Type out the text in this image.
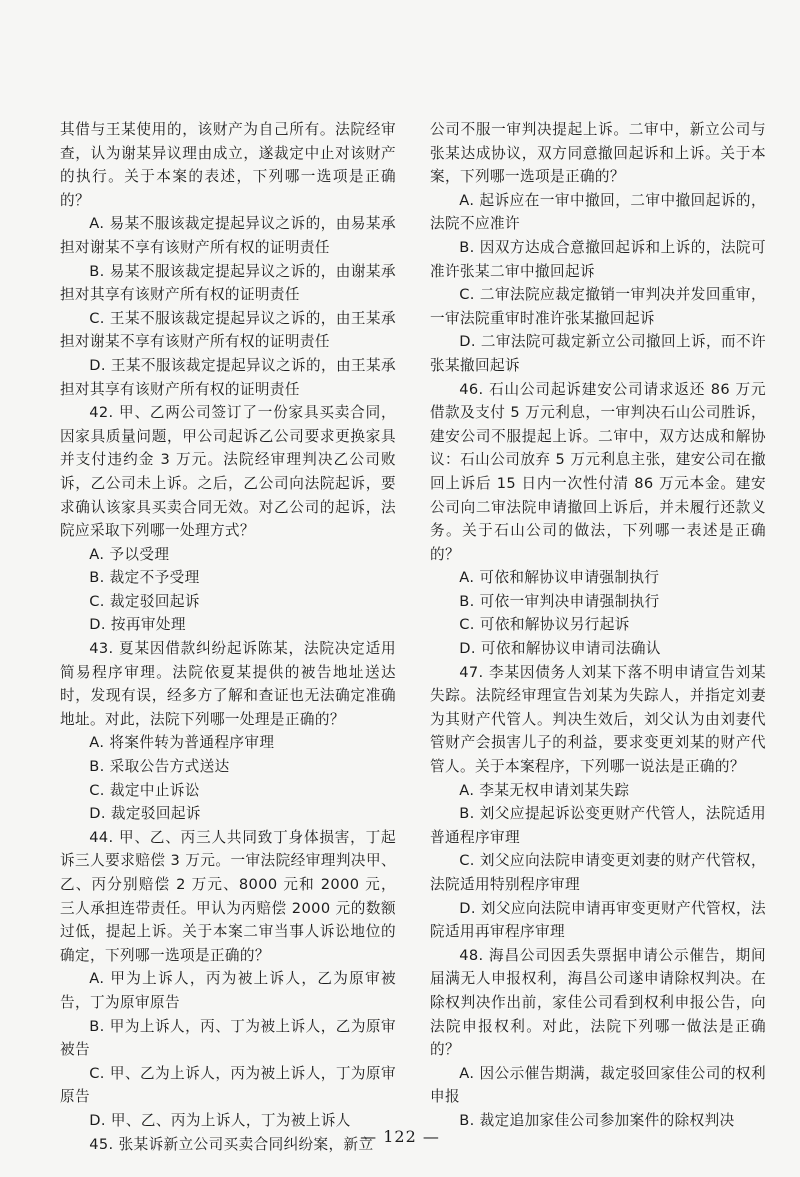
其借与王某使用的，该财产为自己所有。法院经审查，认为谢某异议理由成立，遂裁定中止对该财产的执行。关于本案的表述，下列哪一选项是正确的？

A. 易某不服该裁定提起异议之诉的，由易某承担对谢某不享有该财产所有权的证明责任

B. 易某不服该裁定提起异议之诉的，由谢某承担对其享有该财产所有权的证明责任

C. 王某不服该裁定提起异议之诉的，由王某承担对谢某不享有该财产所有权的证明责任

D. 王某不服该裁定提起异议之诉的，由王某承担对其享有该财产所有权的证明责任

42. 甲、乙两公司签订了一份家具买卖合同，因家具质量问题，甲公司起诉乙公司要求更换家具并支付违约金 3 万元。法院经审理判决乙公司败诉，乙公司未上诉。之后，乙公司向法院起诉，要求确认该家具买卖合同无效。对乙公司的起诉，法院应采取下列哪一处理方式？

A. 予以受理

B. 裁定不予受理

C. 裁定驳回起诉

D. 按再审处理

43. 夏某因借款纠纷起诉陈某，法院决定适用简易程序审理。法院依夏某提供的被告地址送达时，发现有误，经多方了解和查证也无法确定准确地址。对此，法院下列哪一处理是正确的？

A. 将案件转为普通程序审理

B. 采取公告方式送达

C. 裁定中止诉讼

D. 裁定驳回起诉

44. 甲、乙、丙三人共同致丁身体损害，丁起诉三人要求赔偿 3 万元。一审法院经审理判决甲、乙、丙分别赔偿 2 万元、8000 元和 2000 元，三人承担连带责任。甲认为丙赔偿 2000 元的数额过低，提起上诉。关于本案二审当事人诉讼地位的确定，下列哪一选项是正确的？

A. 甲为上诉人，丙为被上诉人，乙为原审被告，丁为原审原告

B. 甲为上诉人，丙、丁为被上诉人，乙为原审被告

C. 甲、乙为上诉人，丙为被上诉人，丁为原审原告

D. 甲、乙、丙为上诉人，丁为被上诉人

45. 张某诉新立公司买卖合同纠纷案，新立

公司不服一审判决提起上诉。二审中，新立公司与张某达成协议，双方同意撤回起诉和上诉。关于本案，下列哪一选项是正确的？

A. 起诉应在一审中撤回，二审中撤回起诉的，法院不应准许

B. 因双方达成合意撤回起诉和上诉的，法院可准许张某二审中撤回起诉

C. 二审法院应裁定撤销一审判决并发回重审，一审法院重审时准许张某撤回起诉

D. 二审法院可裁定新立公司撤回上诉，而不许张某撤回起诉

46. 石山公司起诉建安公司请求返还 86 万元借款及支付 5 万元利息，一审判决石山公司胜诉，建安公司不服提起上诉。二审中，双方达成和解协议：石山公司放弃 5 万元利息主张，建安公司在撤回上诉后 15 日内一次性付清 86 万元本金。建安公司向二审法院申请撤回上诉后，并未履行还款义务。关于石山公司的做法，下列哪一表述是正确的？

A. 可依和解协议申请强制执行

B. 可依一审判决申请强制执行

C. 可依和解协议另行起诉

D. 可依和解协议申请司法确认

47. 李某因债务人刘某下落不明申请宣告刘某失踪。法院经审理宣告刘某为失踪人，并指定刘妻为其财产代管人。判决生效后，刘父认为由刘妻代管财产会损害儿子的利益，要求变更刘某的财产代管人。关于本案程序，下列哪一说法是正确的？

A. 李某无权申请刘某失踪

B. 刘父应提起诉讼变更财产代管人，法院适用普通程序审理

C. 刘父应向法院申请变更刘妻的财产代管权，法院适用特别程序审理

D. 刘父应向法院申请再审变更财产代管权，法院适用再审程序审理

48. 海昌公司因丢失票据申请公示催告，期间届满无人申报权利，海昌公司遂申请除权判决。在除权判决作出前，家佳公司看到权利申报公告，向法院申报权利。对此，法院下列哪一做法是正确的？

A. 因公示催告期满，裁定驳回家佳公司的权利申报

B. 裁定追加家佳公司参加案件的除权判决

— 122 —
